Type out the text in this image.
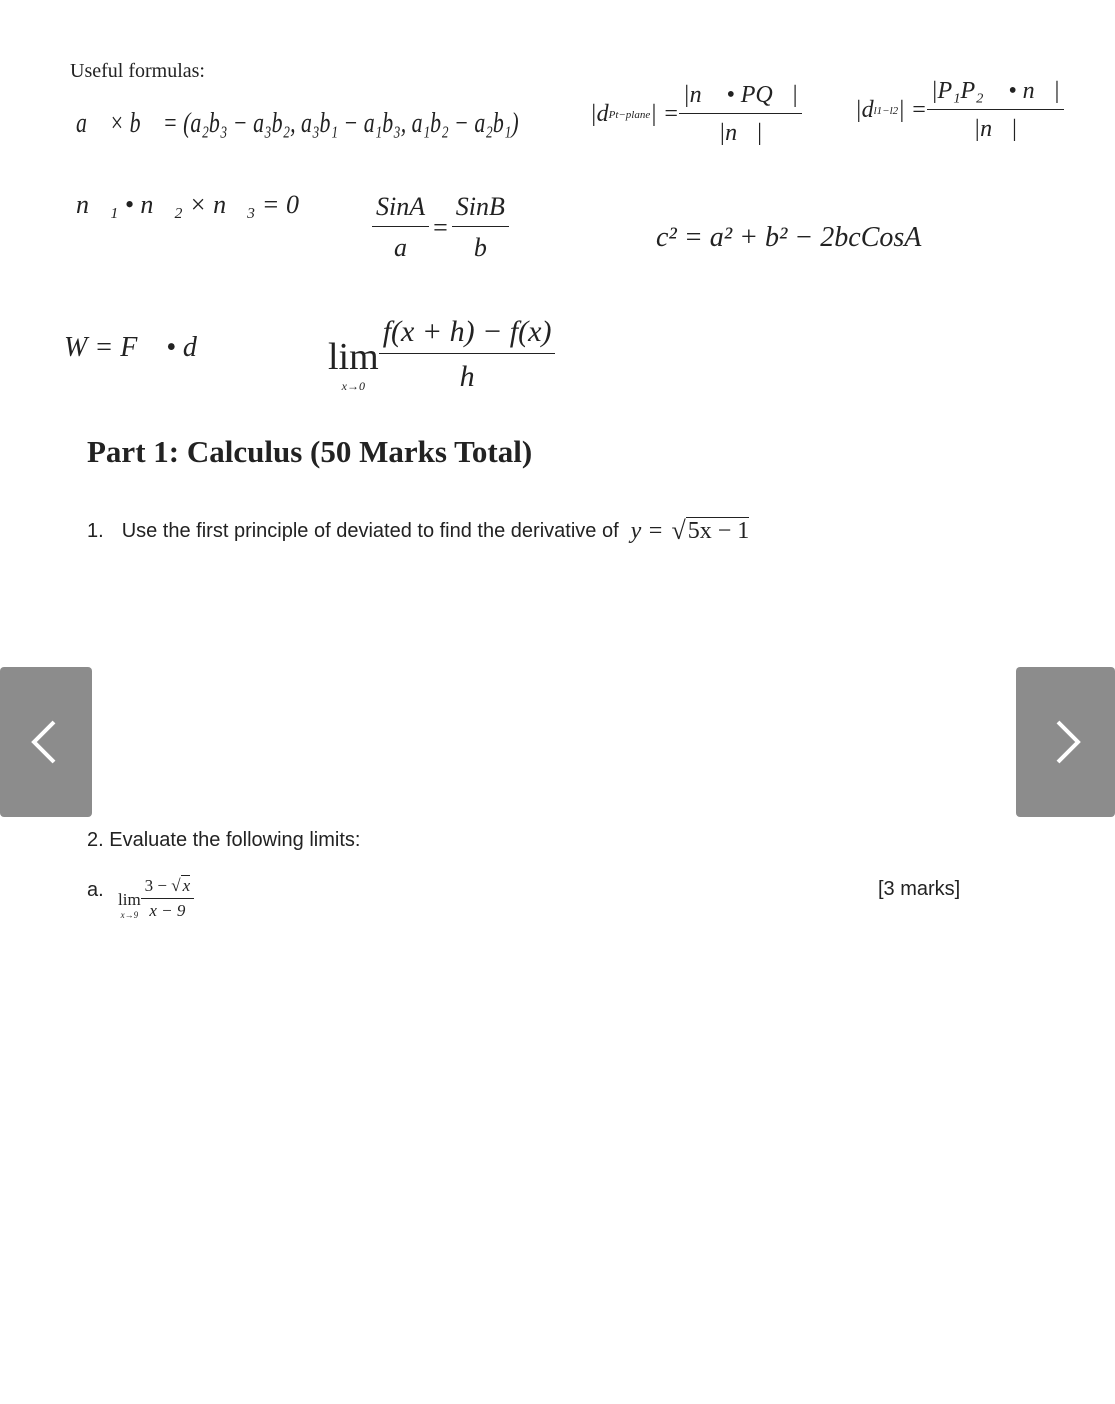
Useful formulas:
a⃗ × b⃗ = (a₂b₃ − a₃b₂, a₃b₁ − a₁b₃, a₁b₂ − a₂b₁)	|d Pt−plane | = $\frac{|n⃗ • PQ⃗|}{|n⃗|} |d$ l1−l2 | = $\frac{\text{|P₁P₂⃗ • n⃗|}}{|n⃗|}$
n⃗₁ • n⃗₂ × n⃗₃ = 0	$\frac{\text{SinA}}{a} = \frac{\text{SinB}}{b}$	c² = a² + b² − 2bcCosA
W = F⃗ • d⃗	lim
$x\to 0 \frac{f(x + h) - f(x)}{h}$
Part 1: Calculus (50 Marks Total)
1. Use the first principle of deviated to find the derivative of y = √ 5x − 1
2. Evaluate the following limits:
a. lim
$x\to 9 \frac{3 - √ x}{x - 9}$	[3 marks]
